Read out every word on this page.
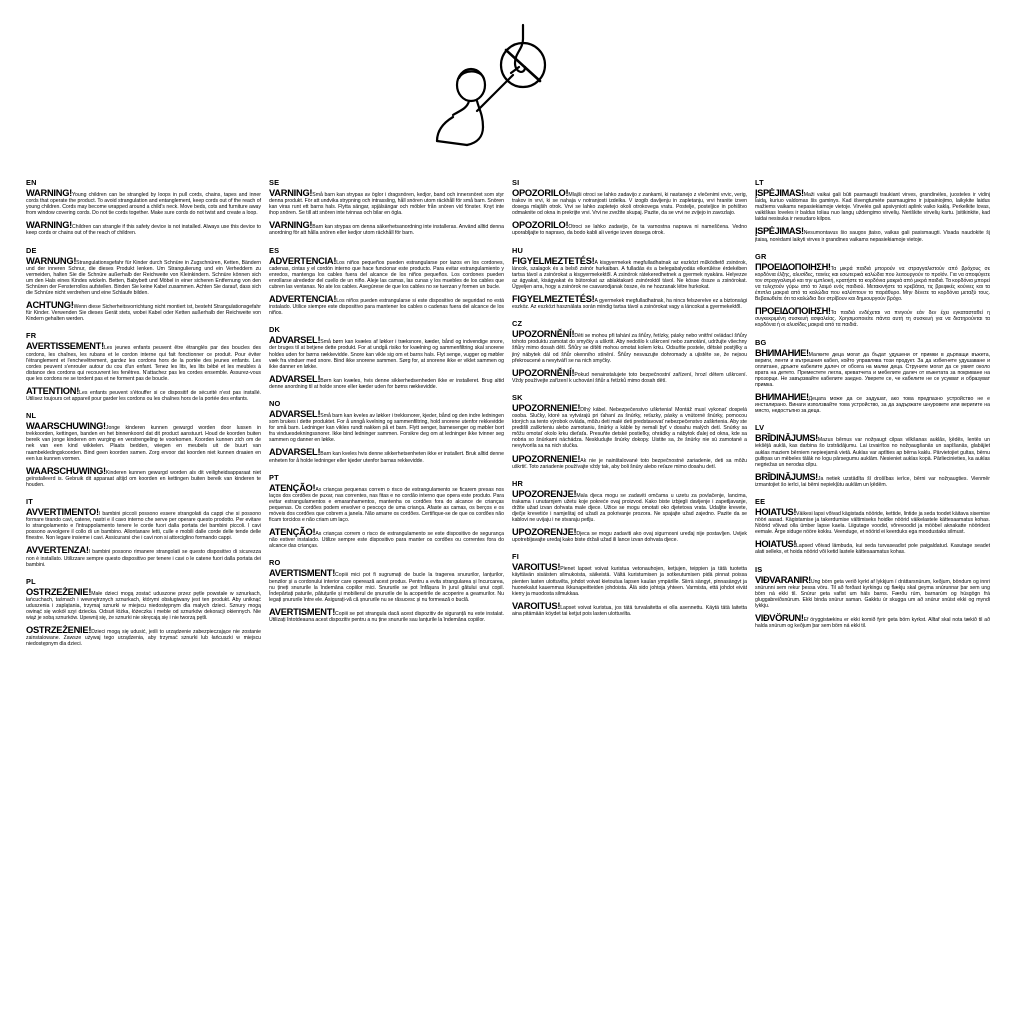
EN
WARNING!Young children can be strangled by loops in pull cords, chains, tapes and inner cords that operate the product. To avoid strangulation and entanglement, keep cords out of the reach of young children. Cords may become wrapped around a child's neck. Move beds, cots and furniture away from window covering cords. Do not tie cords together. Make sure cords do not twist and create a loop.
WARNING!Children can strangle if this safety device is not installed. Always use this device to keep cords or chains out of the reach of children.
DE
WARNUNG!Strangulationsgefahr für Kinder durch Schnüre in Zugschnüren, Ketten, Bändern und der inneren Schnur, die dieses Produkt lenken. Um Strangulierung und ein Verheddern zu vermeiden, halten Sie die Schnüre außerhalb der Reichweite von Kleinkindern. Schnüre können sich um den Hals eines Kindes wickeln. Betten, Babybett und Möbel in einer sicheren Entfernung von den Schnüren der Fensterrollos aufstellen. Binden Sie keine Kabel zusammen. Achten Sie darauf, dass sich die Schnüre nicht verdrehen und eine Schlaufe bilden.
ACHTUNG!Wenn diese Sicherheitsvorrichtung nicht montiert ist, besteht Strangulationsgefahr für Kinder. Verwenden Sie dieses Gerät stets, wobei Kabel oder Ketten außerhalb der Reichweite von Kindern gehalten werden.
FR
AVERTISSEMENT!Les jeunes enfants peuvent être étranglés par des boucles des cordons, les chaînes, les rubans et le cordon interne qui fait fonctionner ce produit. Pour éviter l'étranglement et l'enchevêtrement, gardez les cordons hors de la portée des jeunes enfants. Les cordes peuvent s'enrouler autour du cou d'un enfant. Tenez les lits, les lits bébé et les meubles à distance des cordons qui recouvrent les fenêtres. N'attachez pas les cordes ensemble. Assurez-vous que les cordons ne se tordent pas et ne forment pas de boucle.
ATTENTION!Les enfants peuvent s'étouffer si ce dispositif de sécurité n'est pas installé. Utilisez toujours cet appareil pour garder les cordons ou les chaînes hors de la portée des enfants.
NL
WAARSCHUWING!Jonge kinderen kunnen gewurgd worden door lussen in trekkoorden, kettingen, banden en het binnenkoord dat dit product aanstuurt. Houd de koorden buiten bereik van jonge kinderen om wurging en verstrengeling te voorkomen. Koorden kunnen zich om de nek van een kind wikkelen. Plaats bedden, wiegen en meubels uit de buurt van raambekledingskoorden. Bind geen koorden samen. Zorg ervoor dat koorden niet kunnen draaien en een lus kunnen vormen.
WAARSCHUWING!Kinderen kunnen gewurgd worden als dit veiligheidsapparaat niet geïnstalleerd is. Gebruik dit apparaat altijd om koorden en kettingen buiten bereik van kinderen te houden.
IT
AVVERTIMENTO!I bambini piccoli possono essere strangolati da cappi che si possono formare tirando cavi, catene, nastri e il cavo interno che serve per operare questo prodotto. Per evitare lo strangolamento e l'intrappolamento tenere le corde fuori dalla portata dei bambini piccoli. I cavi possono avvolgere il collo di un bambino. Allontanare letti, culle e mobili dalle corde delle tende delle finestre. Non legare insieme i cavi. Assicurarsi che i cavi non si attorciglino formando cappi.
AVVERTENZA!I bambini possono rimanere strangolati se questo dispositivo di sicurezza non è installato. Utilizzare sempre questo dispositivo per tenere i cavi o le catene fuori dalla portata dei bambini.
PL
OSTRZEŻENIE!Małe dzieci mogą zostać uduszone przez pętle powstałe w sznurkach, łańcuchach, taśmach i wewnętrznych sznurkach, którymi obsługiwany jest ten produkt. Aby uniknąć uduszenia i zaplątania, trzymaj sznurki w miejscu niedostępnym dla małych dzieci. Sznury mogą owinąć się wokół szyi dziecka. Odsuń łóżka, łóżeczka i meble od sznurków dekoracji okiennych. Nie wiąż je sobą sznurków. Upewnij się, że sznurki nie skręcają się i nie tworzą pętli.
OSTRZEŻENIE!Dzieci mogą się udusić, jeśli to urządzenie zabezpieczające nie zostanie zainstalowane. Zawsze używaj tego urządzenia, aby trzymać sznurki lub łańcuszki w miejscu niedostępnym dla dzieci.
SE
VARNING!Små barn kan strypas av öglor i dragsnören, kedjor, band och innersnöret som styr denna produkt. För att undvika strypning och intrassling, håll snören utom räckhåll för små barn. Snören kan viras runt ett barns hals. Flytta sängar, spjälsängar och möbler från snören vid fönster. Knyt inte ihop snören. Se till att snören inte tvinnas och bilar en ögla.
VARNING!Barn kan strypas om denna säkerhetsanordning inte installeras. Använd alltid denna anordning för att hålla snören eller kedjor utom räckhåll för barn.
ES
ADVERTENCIA!Los niños pequeños pueden estrangularse por lazos en los cordones, cadenas, cintas y el cordón interno que hace funcionar este producto. Para evitar estrangulamiento y enredos, mantenga los cables fuera del alcance de los niños pequeños. Los cordones pueden enrollarse alrededor del cuello de un niño. Aleje las camas, las cunas y los muebles de los cables que cubren las ventanas. No ate los cables. Asegúrese de que los cables no se tuerzan y formen un bucle.
ADVERTENCIA!Los niños pueden estrangularse si este dispositivo de seguridad no está instalado. Utilice siempre este dispositivo para mantener los cables o cadenas fuera del alcance de los niños.
DK
ADVARSEL!Små børn kan kvæles af løkker i træksnore, kæder, bånd og indvendige snore, der bruges til at betjene dette produkt. For at undgå risiko for kvælning og sammenfiltring skal snorene holdes uden for børns rækkevidde. Snore kan vikle sig om et barns hals. Flyt senge, vugger og møbler væk fra vinduer med snore. Bind ikke snorene sammen. Sørg for, at snorene ikke er viklet sammen og ikke danner en løkke.
ADVARSEL!Børn kan kvæles, hvis denne sikkerhedsenheden ikke er installeret. Brug altid denne anordning til at holde snore eller kæder uden for børns rækkevidde.
NO
ADVARSEL!Små barn kan kveles av løkker i trekksnorer, kjeder, bånd og den indre ledningen som brukes i dette produktet. For å unngå kvelning og sammenfiltring, hold snorene utenfor rekkevidde for små barn. Ledninger kan vikles rundt nakken på et barn. Flytt senger, barnesenger og møbler bort fra vinduesdekningssnorer. Ikke bind ledninger sammen. Forsikre deg om at ledninger ikke tvinner seg sammen og danner en løkke.
ADVARSEL!Barn kan kveles hvis denne sikkerhetsenheten ikke er installert. Bruk alltid denne enheten for å holde ledninger eller kjeder utenfor barnas rekkevidde.
PT
ATENÇÃO!As crianças pequenas correm o risco de estrangulamento se ficarem presas nos laços dos cordões de puxar, nas correntes, nas fitas e no cordão interno que opera este produto. Para evitar estrangulamentos e emaranhamentos, mantenha os cordões fora do alcance de crianças pequenas. Os cordões podem envolver o pescoço de uma criança. Afaste as camas, os berços e os móveis dos cordões que cobrem a janela. Não amarre os cordões. Certifique-se de que os cordões não ficam torcidos e não criam um laço.
ATENÇÃO!As crianças correm o risco de estrangulamento se este dispositivo de segurança não estiver instalado. Utilize sempre este dispositivo para manter os cordões ou correntes fora do alcance das crianças.
RO
AVERTISMENT!Copiii mici pot fi sugrumați de bucle la tragerea snururilor, lanțurilor, benzilor și a cordonului interior care operează acest produs. Pentru a evita strangularea și încurcarea, nu țineți snururile la îndemâna copiilor mici. Snururile se pot înfășura în jurul gâtului unui copil. Îndepărtați paturile, pătuțurile și mobilierul de șnururile de la acoperirile de acoperire a geamurilor. Nu legați șnururile între ele. Asigurați-vă că șnururile nu se răsucesc și nu formează o buclă.
AVERTISMENT!Copiii se pot strangula dacă acest dispozitiv de siguranță nu este instalat. Utilizați întotdeauna acest dispozitiv pentru a nu ține snururile sau lanțurile la îndemâna copiilor.
SI
OPOZORILO!Mlajši otroci se lahko zadavijo z zankami, ki nastanejo z vlečenimi vrvic, verig, trakov in vrvi, ki se nahaja v notranjosti izdelka. V izogib davljenju in zapletanju, vrvi hranite izven dosega mlajših otrok. Vrvi se lahko zapletejo okoli otrokovega vratu. Postelje, posteljice in pohištvo odmaknite od okna in prekrijte vrvi. Vrvi ne zvežite skupaj. Pazite, da se vrvi ne zvijejo in zavozlajo.
OPOZORILO!Otroci se lahko zadavijo, če ta varnostna naprava ni nameščena. Vedno uporabljajte to napravo, da bodo kabli ali verige izven dosega otrok.
HU
FIGYELMEZTETÉS!A kisgyermekek megfulladhatnak az eszközt működtető zsinórok, láncok, szalagok és a belső zsinór hurkaiban. A fulladás és a belegabalyodás elkerülése érdekében tartsa távol a zsinórokat a kisgyermekektől. A zsinórok rátekeredhetnek a gyermek nyakára. Helyezze az ágyakat, kiságyakat és bútorokat az ablaktakaró zsinóroktól távol. Ne kösse össze a zsinórokat. Ügyeljen arra, hogy a zsinórok ne csavarodjanak össze, és ne hozzanak létre hurkokat.
FIGYELMEZTETÉS!A gyermekek megfulladhatnak, ha nincs felszerelve ez a biztonsági eszköz. Az eszközt használata során mindig tartsa távol a zsinórokat vagy a láncokat a gyermekektől.
CZ
UPOZORNĚNÍ!Děti se mohou při tahání za šňůry, řetízky, pásky nebo vnitřní ovládací šňůry tohoto produktu zamotat do smyčky a uškrtit. Aby nedošlo k uškrcení nebo zamotání, udržujte všechny šňůry mimo dosah dětí. Šňůry se dítěti mohou omotat kolem krku. Odsuňte postele, dětské postýlky a jiný nábytek dál od šňůr okenního stínění. Šňůry nesvazujte dohromady a ujistěte se, že nejsou překroucené a nevytváří se na nich smyčky.
UPOZORNĚNÍ!Pokud nenainstalujete toto bezpečnostní zařízení, hrozí dětem uškrcení. Vždy používejte zařízení k uchování šňůr a řetízků mimo dosah dětí.
SK
UPOZORNENIE!Dlhý kábel. Nebezpečenstvo uškrtenia! Montáž musí vykonať dospelá osoba. Slučky, ktoré sa vytvárajú pri ťahaní za šnúrky, reťazky, pásky a vnútorné šnúrky, pomocou ktorých sa tento výrobok ovláda, môžu deti malé deti predstavovať nebezpečenstvo zaškrtenia. Aby ste predišli zaškrteniu alebo zamotaniu, šnúrky a káble by nemali byť v dosahu malých detí. Snúrky sa môžu omotať okolo krku dieťaťa. Presuňte detské postieľky, ohrádky a nábytok ďalej od okna, kde sa nobria so šnúrkami náchádza. Neskludujte šnúrky dokopy. Uistite sa, že šnúrky nie sú zamotané a nevytvorila sa na nich slučka.
UPOZORNENIE!Ak nie je nainštalované toto bezpečnostné zariadenie, deti sa môžu uškrtiť. Toto zariadenie používajte vždy tak, aby boli šnúry alebo reťaze mimo dosahu detí.
HR
UPOZORENJE!Mala djeca mogu se zadaviti omčama u uzetu za povlačenje, lancima, trakama i unutarnjem užetu koje pokreće ovaj proizvod. Kako biste izbjegli davljenje i zapetljavanje, držite užad izvan dohvata male djece. Užice se mogu omotati oko djetetova vrata. Udaljite krevete, dječje krevetiće i namještaj od užadi za pokrivanje prozora. Ne spajajte užad zajedno. Pazite da se kablovi ne uvijaju i ne stvaraju petlju.
UPOZORENJE!Djeca se mogu zadaviti ako ovaj sigurnosni uređaj nije postavljen. Uvijek upotrebljavajte uređaj kako biste držali užad ili lance izvan dohvata djece.
FI
VAROITUS!Pienet lapset voivat kuristua vetonauhojen, ketjujen, teippien ja tätä tuotetta käyttävän sisäisten silmukoista, säikeistä. Vältä kuristumisen ja sotkeutumisen pidä pinnat poissa pienten lasten ulottuvilta, johdot voivat kietoutua lapsen kaulan ympärille. Siirrä sängyt, pinnasängyt ja huonekalut kauemmas ikkunapeitteiden johdoista. Älä sido johtoja yhteen. Varmista, että johdot eivät kierry ja muodosta silmukkaa.
VAROITUS!Lapset voivat kuristua, jos tätä turvalaitetta ei olla asennettu. Käytä tätä laitetta aina pitämään köydet tai ketjut pois lasten ulottuvilta.
LT
ĮSPĖJIMAS!Maži vaikai gali būti pasmaugti traukiant virves, grandinėles, juosteles ir vidinį laidą, kuriuo valdomas šis gaminys. Kad išvengtumėte pasmaugimo ir įsipainiojimo, laikykite laidus mažiems vaikams nepasiekiamoje vietoje. Virvelės gali apsivynioti aplink vaiko kaklą. Perkelkite lovas, vaikiškas loveles ir baldus toliau nuo langų uždengimo virvelių. Neriškite virvelių kartu. Įsitikinkite, kad laidai nesisuka ir nesudaro kilpos.
ĮSPĖJIMAS!Nesumontavus šio saugos įtaiso, vaikas gali pasismaugti. Visada naudokite šį įtaisą, norėdami laikyti virves ir grandines vaikams nepasiekiamoje vietoje.
GR
ΠΡΟΕΙΔΟΠΟΙΗΣΗ!Τα μικρά παιδιά μπορούν να στραγγαλιστούν από βρόχους σε κορδόνια έλξης, αλυσίδες, ταινίες και εσωτερικά καλώδια που λειτουργούν το προϊόν. Για να αποφύγετε τον στραγγαλισμό και την εμπλοκή, κρατήστε τα κορδόνια μακριά από μικρά παιδιά. Τα κορδόνια μπορεί να τυλιχτούν γύρω από το λαιμό ενός παιδιού. Μετακινήστε τα κρεβάτια, τις βρεφικές κούνιες και τα έπιπλα μακριά από τα καλώδια που καλύπτουν το παράθυρο. Μην δένετε τα κορδόνια μεταξύ τους. Βεβαιωθείτε ότι τα καλώδια δεν στρίβουν και δημιουργούν βρόχο.
ΠΡΟΕΙΔΟΠΟΙΗΣΗ!Τα παιδιά ενδέχεται να πνιγούν εάν δεν έχει εγκατασταθεί η συγκεκριμένη συσκευή ασφαλείας. Χρησιμοποιείτε πάντα αυτή τη συσκευή για να διατηρούνται τα κορδόνια ή οι αλυσίδες μακριά από τα παιδιά.
BG
ВНИМАНИЕ!Малките деца могат да бъдат удушени от примки в дърпащи въжета, вериги, ленти и вътрешния кабел, който управлява този продукт. За да избегнете удушаване и оплитане, дръжте кабелите далеч от обсега на малки деца. Струните могат да се увият около врата на детето. Преместете легла, креватчета и мебелите далеч от въжетата за покриване на прозорци. Не завързвайте кабелите заедно. Уверете се, че кабелите не се усукват и образуват примка.
ВНИМАНИЕ!Децата може да се задушат, ако това предпазно устройство не е инсталирано. Винаги използвайте това устройство, за да задържате шнуровете или веригите на място, недостъпно за деца.
LV
BRĪDINĀJUMS!Mazus bērnus var nožņaugt cilpas vilkšanas auklās, ķēdēs, lentēs un iekšējā auklā, kas darbina šo izstrādājumu. Lai izvairītos no nožņaugšanās un sapīšanās, glabājiet auklas maziem bērniem nepieejamā vietā. Auklas var aptīties ap bērna kaklu. Pārvietojiet gultas, bērnu gultiņas un mēbeles tālāk no logu pārsegumu auklām. Nesieniet auklas kopā. Pārliecinieties, ka auklas negriežas un nerodas cilpu.
BRĪDINĀJUMS!Ja netiek uzstādīta šī drošības ierīce, bērni var nožņaugties. Vienmēr izmantojiet šo ierīci, lai bērni nepiekļūtu auklām un ķēdēm.
EE
HOIATUS!Väikesi lapsi võivad kägistada nööride, kettide, lintide ja seda toodet käitava sisemise nööri aasad. Kägistamise ja takerdumise vältimiseks hoidke nöörid väikelastele kättesaamatus kohas. Nöörid võivad olla ümber lapse kaela. Liigutage voodid, võrevoodid ja mööbel aknakatte nööridest eemale. Ärge siduge nööre kokku. Veenduge, et nöörid ei keerduks ega moodustaks silmust.
HOIATUS!Lapsed võivad lämbuda, kui seda turvaseadist pole paigaldatud. Kasutage seadet alati selleks, et hoida nöörid või ketid lastele kättesaamatus kohas.
IS
VIÐVARANIR!Ung börn geta verið kyrkt af lykkjum í dráttarsnúrum, keðjum, böndum og innri snúrunni sem rekur þessa vöru. Til að forðast kyrkingu og flækju skal geyma snúrunnar þar sem ung börn ná ekki til. Snúrur geta vafist um háls barns. Færðu rúm, barnarúm og húsgögn frá gluggabreiðsnúrum. Ekki binda snúrur saman. Gakktu úr skugga um að snúrur snúist ekki og myndi lykkju.
VIÐVÖRUN!Ef öryggistækinu er ekki komið fyrir geta börn kyrkst. Alltaf skal nota tækið til að halda snúrum og keðjum þar sem börn ná ekki til.
